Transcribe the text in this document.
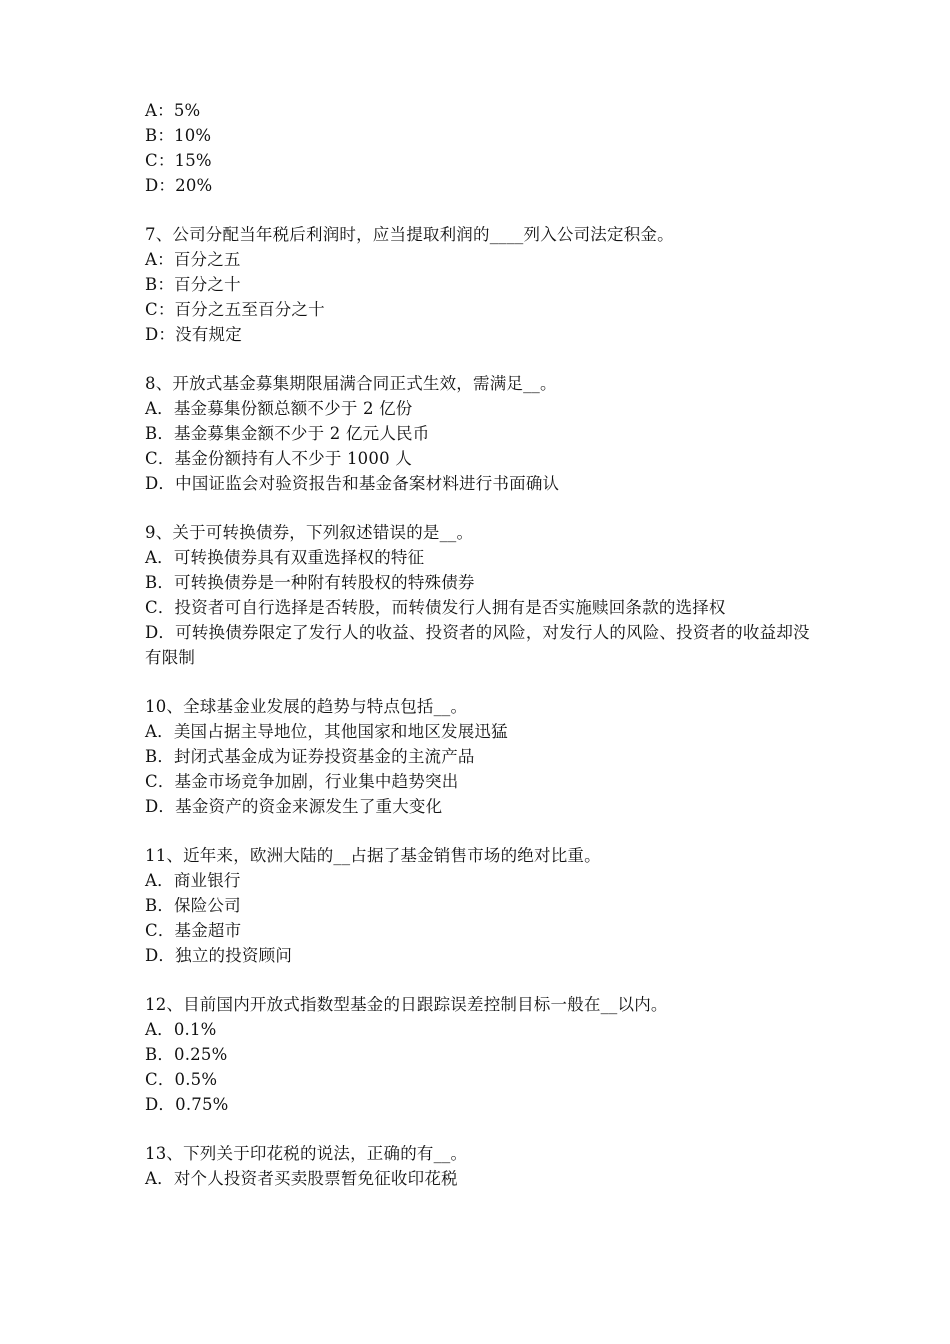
A：5%

B：10%

C：15%

D：20%

7、公司分配当年税后利润时，应当提取利润的____列入公司法定积金。

A：百分之五

B：百分之十

C：百分之五至百分之十

D：没有规定

8、开放式基金募集期限届满合同正式生效，需满足__。

A．基金募集份额总额不少于 2 亿份

B．基金募集金额不少于 2 亿元人民币

C．基金份额持有人不少于 1000 人

D．中国证监会对验资报告和基金备案材料进行书面确认

9、关于可转换债券，下列叙述错误的是__。

A．可转换债券具有双重选择权的特征

B．可转换债券是一种附有转股权的特殊债券

C．投资者可自行选择是否转股，而转债发行人拥有是否实施赎回条款的选择权

D．可转换债券限定了发行人的收益、投资者的风险，对发行人的风险、投资者的收益却没有限制

10、全球基金业发展的趋势与特点包括__。

A．美国占据主导地位，其他国家和地区发展迅猛

B．封闭式基金成为证券投资基金的主流产品

C．基金市场竞争加剧，行业集中趋势突出

D．基金资产的资金来源发生了重大变化

11、近年来，欧洲大陆的__占据了基金销售市场的绝对比重。

A．商业银行

B．保险公司

C．基金超市

D．独立的投资顾问

12、目前国内开放式指数型基金的日跟踪误差控制目标一般在__以内。

A．0.1%

B．0.25%

C．0.5%

D．0.75%

13、下列关于印花税的说法，正确的有__。

A．对个人投资者买卖股票暂免征收印花税
